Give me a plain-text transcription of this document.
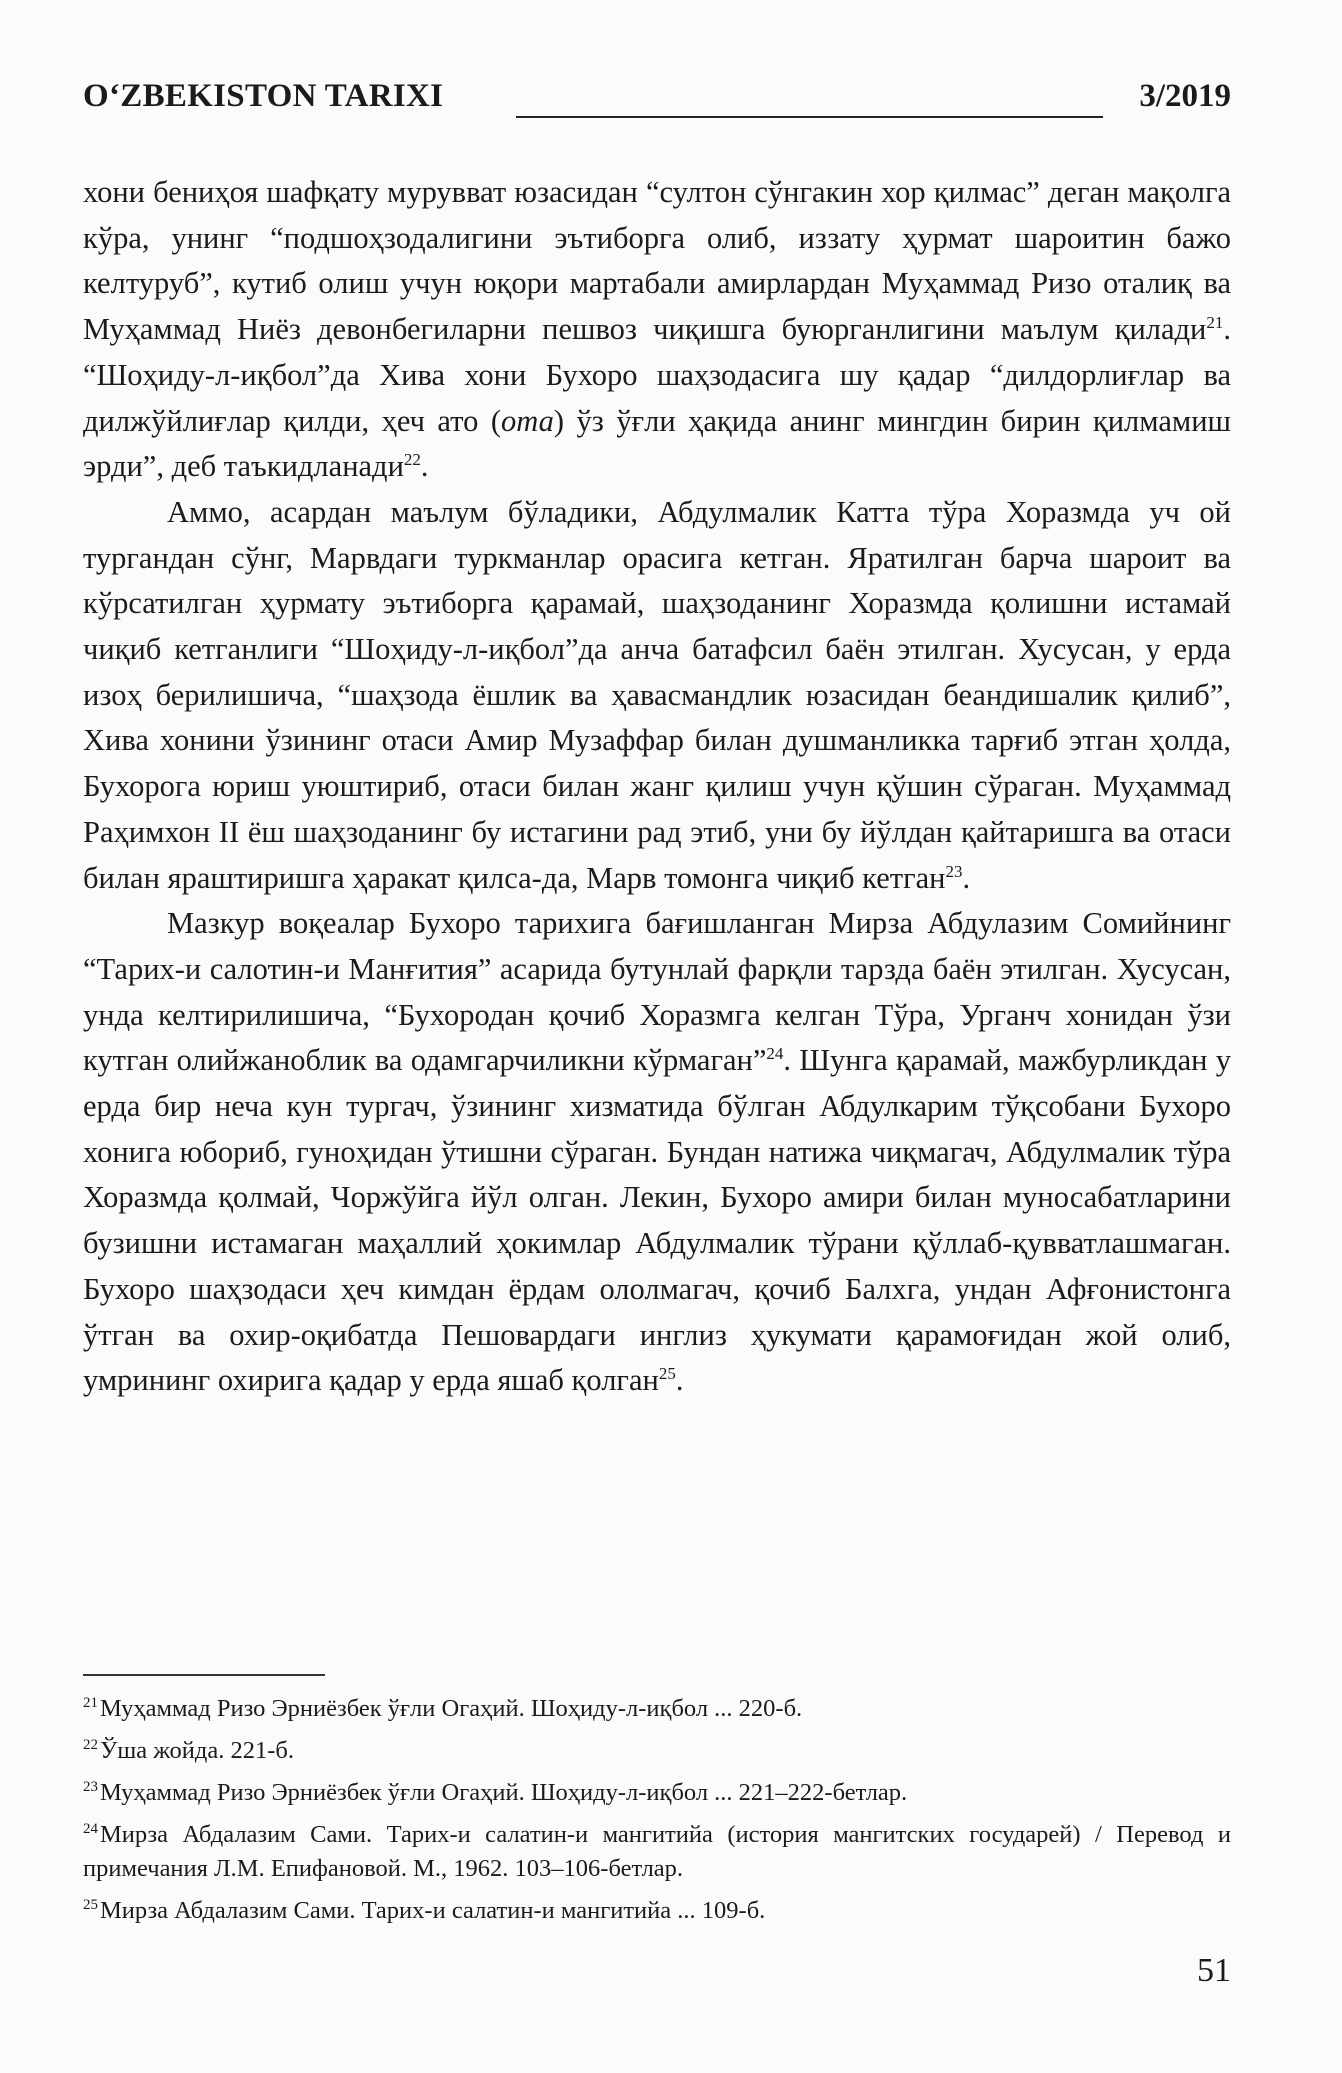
O‘ZBEKISTON TARIXI	3/2019

хони бениҳоя шафқату мурувват юзасидан “султон сўнгакин хор қилмас” деган мақолга кўра, унинг “подшоҳзодалигини эътиборга олиб, иззату ҳурмат шароитин бажо келтуруб”, кутиб олиш учун юқори мартабали амирлардан Муҳаммад Ризо оталиқ ва Муҳаммад Ниёз девонбегиларни пешвоз чиқишга буюрганлигини маълум қилади$^{21}$. “Шоҳиду-л-иқбол”да Хива хони Бухоро шаҳзодасига шу қадар “дилдорлиғлар ва дилжўйлиғлар қилди, ҳеч ато (ота) ўз ўғли ҳақида анинг мингдин бирин қилмамиш эрди”, деб таъкидланади$^{22}$.

Аммо, асардан маълум бўладики, Абдулмалик Катта тўра Хоразмда уч ой тургандан сўнг, Марвдаги туркманлар орасига кетган. Яратилган барча шароит ва кўрсатилган ҳурмату эътиборга қарамай, шаҳзоданинг Хоразмда қолишни истамай чиқиб кетганлиги “Шоҳиду-л-иқбол”да анча батафсил баён этилган. Хусусан, у ерда изоҳ берилишича, “шаҳзода ёшлик ва ҳавасмандлик юзасидан беандишалик қилиб”, Хива хонини ўзининг отаси Амир Музаффар билан душманликка тарғиб этган ҳолда, Бухорога юриш уюштириб, отаси билан жанг қилиш учун қўшин сўраган. Муҳаммад Раҳимхон II ёш шаҳзоданинг бу истагини рад этиб, уни бу йўлдан қайтаришга ва отаси билан яраштиришга ҳаракат қилса-да, Марв томонга чиқиб кетган$^{23}$.

Мазкур воқеалар Бухоро тарихига бағишланган Мирза Абдулазим Сомийнинг “Тарих-и салотин-и Манғития” асарида бутунлай фарқли тарзда баён этилган. Хусусан, унда келтирилишича, “Бухородан қочиб Хоразмга келган Тўра, Урганч хонидан ўзи кутган олийжаноблик ва одамгарчиликни кўрмаган”$^{24}$. Шунга қарамай, мажбурликдан у ерда бир неча кун тургач, ўзининг хизматида бўлган Абдулкарим тўқсобани Бухоро хонига юбориб, гуноҳидан ўтишни сўраган. Бундан натижа чиқмагач, Абдулмалик тўра Хоразмда қолмай, Чоржўйга йўл олган. Лекин, Бухоро амири билан муносабатларини бузишни истамаган маҳаллий ҳокимлар Абдулмалик тўрани қўллаб-қувватлашмаган. Бухоро шаҳзодаси ҳеч кимдан ёрдам ололмагач, қочиб Балхга, ундан Афғонистонга ўтган ва охир-оқибатда Пешовардаги инглиз ҳукумати қарамоғидан жой олиб, умрининг охирига қадар у ерда яшаб қолган$^{25}$.

$^{21}$Муҳаммад Ризо Эрниёзбек ўғли Огаҳий. Шоҳиду-л-иқбол ... 220-б.

$^{22}$Ўша жойда. 221-б.

$^{23}$Муҳаммад Ризо Эрниёзбек ўғли Огаҳий. Шоҳиду-л-иқбол ... 221–222-бетлар.

$^{24}$Мирза Абдалазим Сами. Тарих-и салатин-и мангитийа (история мангитских государей) / Перевод и примечания Л.М. Епифановой. М., 1962. 103–106-бетлар.

$^{25}$Мирза Абдалазим Сами. Тарих-и салатин-и мангитийа ... 109-б.

51
